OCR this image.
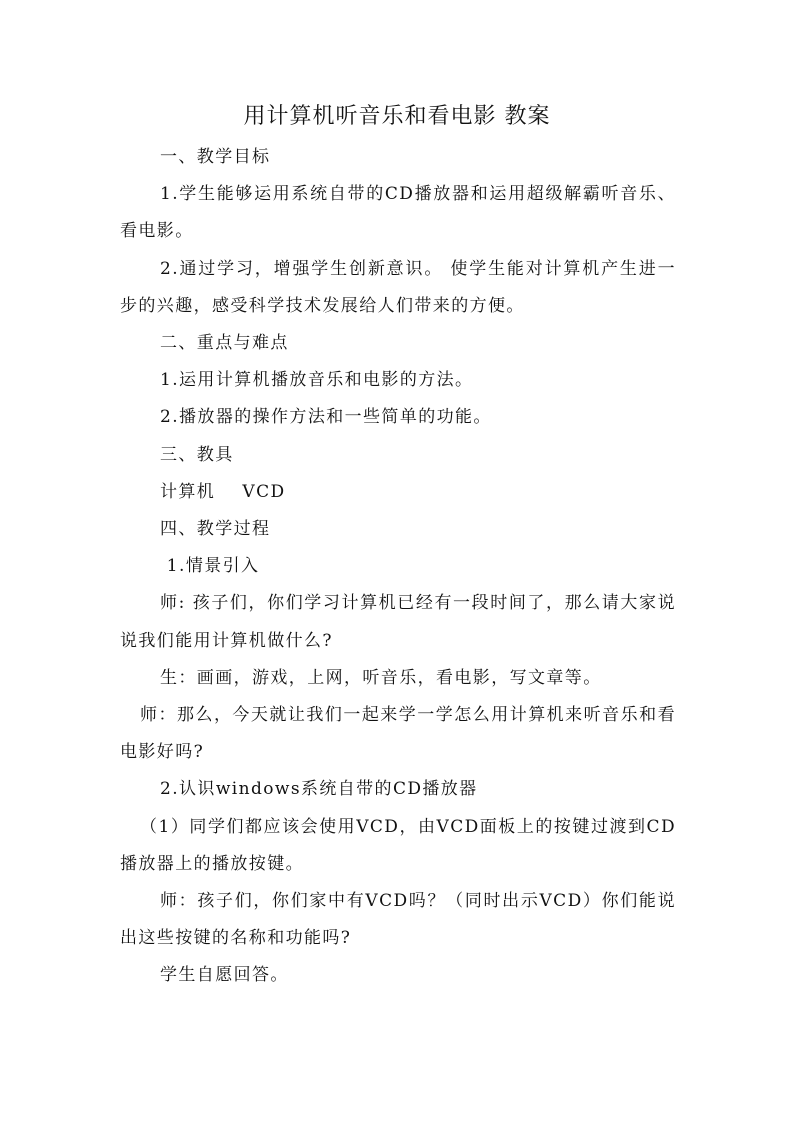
用计算机听音乐和看电影 教案

一、教学目标

1.学生能够运用系统自带的CD播放器和运用超级解霸听音乐、看电影。

2.通过学习，增强学生创新意识。 使学生能对计算机产生进一步的兴趣，感受科学技术发展给人们带来的方便。

二、重点与难点

1.运用计算机播放音乐和电影的方法。

2.播放器的操作方法和一些简单的功能。

三、教具

计算机    VCD

四、教学过程

1.情景引入

师: 孩子们，你们学习计算机已经有一段时间了，那么请大家说说我们能用计算机做什么?

生：画画，游戏，上网，听音乐，看电影，写文章等。

师：那么，今天就让我们一起来学一学怎么用计算机来听音乐和看电影好吗?

2.认识windows系统自带的CD播放器

（1）同学们都应该会使用VCD，由VCD面板上的按键过渡到CD播放器上的播放按键。

师：孩子们，你们家中有VCD吗？（同时出示VCD）你们能说出这些按键的名称和功能吗?

学生自愿回答。
